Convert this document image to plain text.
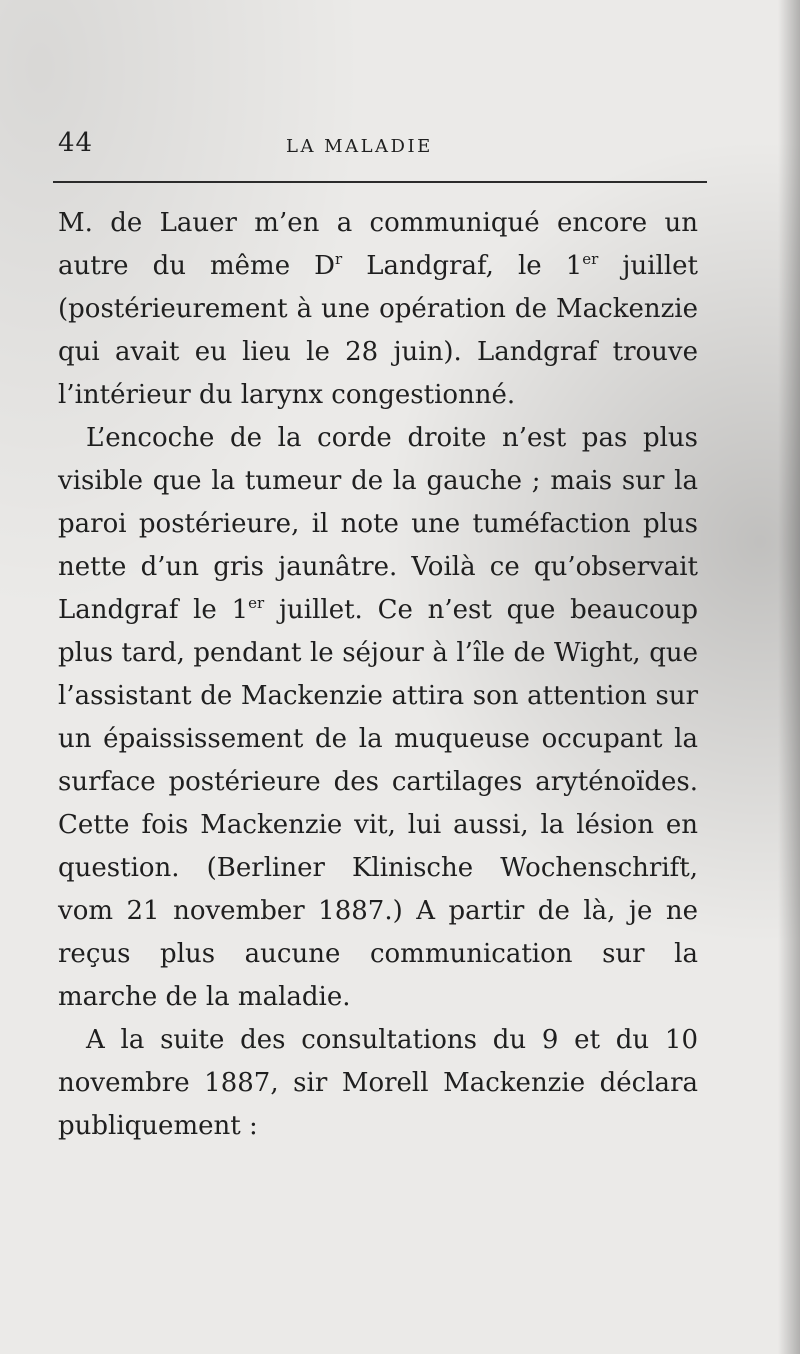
44	LA MALADIE

M. de Lauer m’en a communiqué encore un autre du même $D^r$ Landgraf, le 1er juillet (postérieurement à une opération de Mackenzie qui avait eu lieu le 28 juin). Landgraf trouve l’intérieur du larynx congestionné.

L’encoche de la corde droite n’est pas plus visible que la tumeur de la gauche ; mais sur la paroi postérieure, il note une tuméfaction plus nette d’un gris jaunâtre. Voilà ce qu’observait Landgraf le 1er juillet. Ce n’est que beaucoup plus tard, pendant le séjour à l’île de Wight, que l’assistant de Mackenzie attira son attention sur un épaississement de la muqueuse occupant la surface postérieure des cartilages aryténoïdes. Cette fois Mackenzie vit, lui aussi, la lésion en question. (Berliner Klinische Wochenschrift, vom 21 november 1887.) A partir de là, je ne reçus plus aucune communication sur la marche de la maladie.

A la suite des consultations du 9 et du 10 novembre 1887, sir Morell Mackenzie déclara publiquement :
